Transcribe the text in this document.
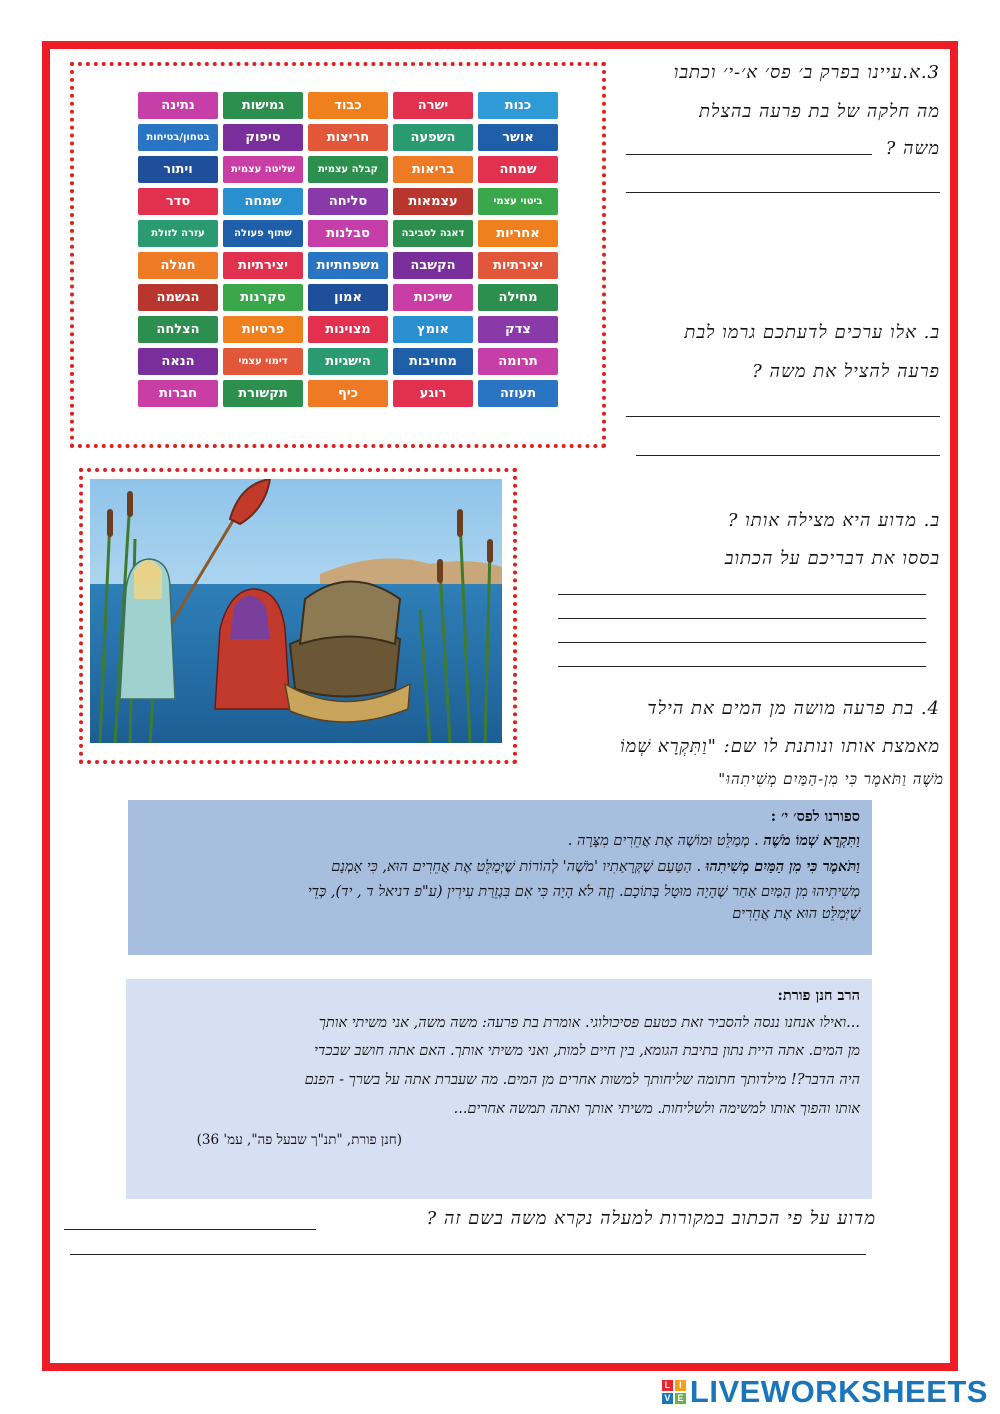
נתינה	גמישות	כבוד	ישרה	כנות
בטחון/בטיחות	סיפוק	חריצות	השפעה	אושר
ויתור	שליטה עצמית	קבלה עצמית	בריאות	שמחה
סדר	שמחה	סליחה	עצמאות	ביטוי עצמי
עזרה לזולת	שתוף פעולה	סבלנות	דאגה לסביבה	אחריות
חמלה	יצירתיות	משפחתיות	הקשבה	יצירתיות
הגשמה	סקרנות	אמון	שייכות	מחילה
הצלחה	פרטיות	מצוינות	אומץ	צדק
הנאה	דימוי עצמי	הישגיות	מחויבות	תרומה
חברות	תקשורת	כיף	רוגע	תעוזה
3.א.עיינו בפרק ב׳ פס׳ א׳-י׳ וכתבו
מה חלקה של בת פרעה בהצלת
משה ?
ב. אלו ערכים לדעתכם גרמו לבת
פרעה להציל את משה ?
ב. מדוע היא מצילה אותו ?
בססו את דבריכם על הכתוב
4. בת פרעה מושה מן המים את הילד
מאמצת אותו ונותנת לו שם: "וַתִּקְרָא שְׁמוֹ
מֹשֶׁה וַתֹּאמֶר כִּי מִן-הַמַּיִם מְשִׁיתִהוּ"
ספורנו לפס׳ י׳ :
וַתִּקְרָא שְׁמוֹ מֹשֶׁה . מְמַלֵּט וּמוֹשֶׁה אֶת אֲחֵרִים מִצָּרָה .
וַתֹּאמֶר כִּי מִן הַמַּיִם מְשִׁיתִהוּ . הַטַּעַם שֶׁקְּרָאַתִיו 'מֹשֶׁה' לְהוֹרוֹת שֶׁיְּמַלֵּט אֶת אֲחֵרִים הוּא, כִּי אָמְנָם
מְשִׁיתִיהוּ מִן הַמַּיִם אַחַר שֶׁהָיָה מוּטָל בְּתוֹכָם. וְזֶה לֹא הָיָה כִּי אִם בִּגְזֵרַת עִירִין (ע"פ דניאל ד , יד), כְּדֵי
שֶׁיְּמַלֵּט הוּא אֶת אֲחֵרִים
הרב חנן פורת:
...ואילו אנחנו ננסה להסביר זאת כטעם פסיכולוגי. אומרת בת פרעה: משה משה, אני משיתי אותך
מן המים. אתה היית נתון בתיבת הגומא, בין חיים למות, ואני משיתי אותך. האם אתה חושב שבכדי
היה הדבר?! מילדותך חתומה שליחותך למשות אחרים מן המים. מה שעברת אתה על בשרך - הפנם
אותו והפוך אותו למשימה ולשליחות. משיתי אותך ואתה תמשה אחרים...
(חנן פורת, "תנ"ך שבעל פה", עמ' 36)
מדוע על פי הכתוב במקורות למעלה נקרא משה בשם זה ?
L I
V E LIVEWORKSHEETS
